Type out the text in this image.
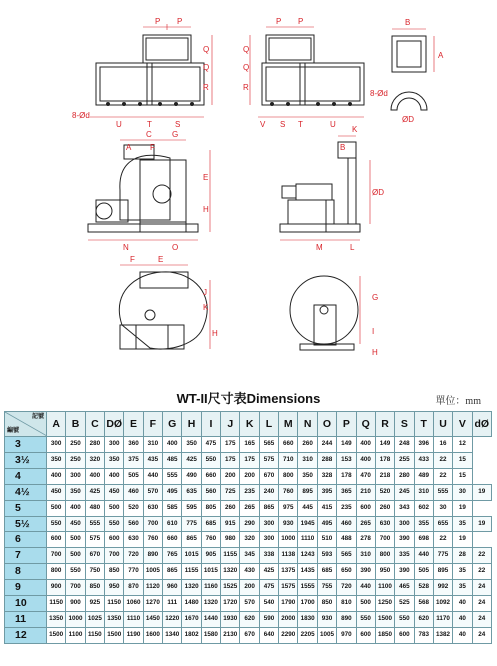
P P
Q
Q
R
8-Ød
U	T	S
P P
Q
Q
R
8-Ød
V S T	U
B
A
ØD
C	G
A F
E
H
N	O
K
B
ØD
M	L
F	E
J
K
H
G
I
H
WT-II尺寸表Dimensions	單位：mm
記號
編號	A	B	C	DØ	E	F	G	H	I	J	K	L	M	N	O	P	Q	R	S	T	U	V	dØ
3	300	250	280	300	360	310	400	350	475	175	165	565	660	260	244	149	400	149	248	396	16	12	
3½	350	250	320	350	375	435	485	425	550	175	175	575	710	310	288	153	400	178	255	433	22	15	
4	400	300	400	400	505	440	555	490	660	200	200	670	800	350	328	178	470	218	280	489	22	15	
4½	450	350	425	450	460	570	495	635	560	725	235	240	760	895	395	365	210	520	245	310	555	30	19
5	500	400	480	500	520	630	585	595	805	260	265	865	975	445	415	235	600	260	343	602	30	19	
5½	550	450	555	550	560	700	610	775	685	915	290	300	930	1945	495	460	265	630	300	355	655	35	19
6	600	500	575	600	630	760	660	865	760	980	320	300	1000	1110	510	488	278	700	390	698	22	19	
7	700	500	670	700	720	890	765	1015	905	1155	345	338	1138	1243	593	565	310	800	335	440	775	28	22
8	800	550	750	850	770	1005	865	1155	1015	1320	430	425	1375	1435	685	650	390	950	390	505	895	35	22
9	900	700	850	950	870	1120	960	1320	1160	1525	200	475	1575	1555	755	720	440	1100	465	528	992	35	24
10	1150	900	925	1150	1060	1270	111	1480	1320	1720	570	540	1790	1700	850	810	500	1250	525	568	1092	40	24
11	1350	1000	1025	1350	1110	1450	1220	1670	1440	1930	620	590	2000	1830	930	890	550	1500	550	620	1170	40	24
12	1500	1100	1150	1500	1190	1600	1340	1802	1580	2130	670	640	2290	2205	1005	970	600	1850	600	783	1382	40	24
